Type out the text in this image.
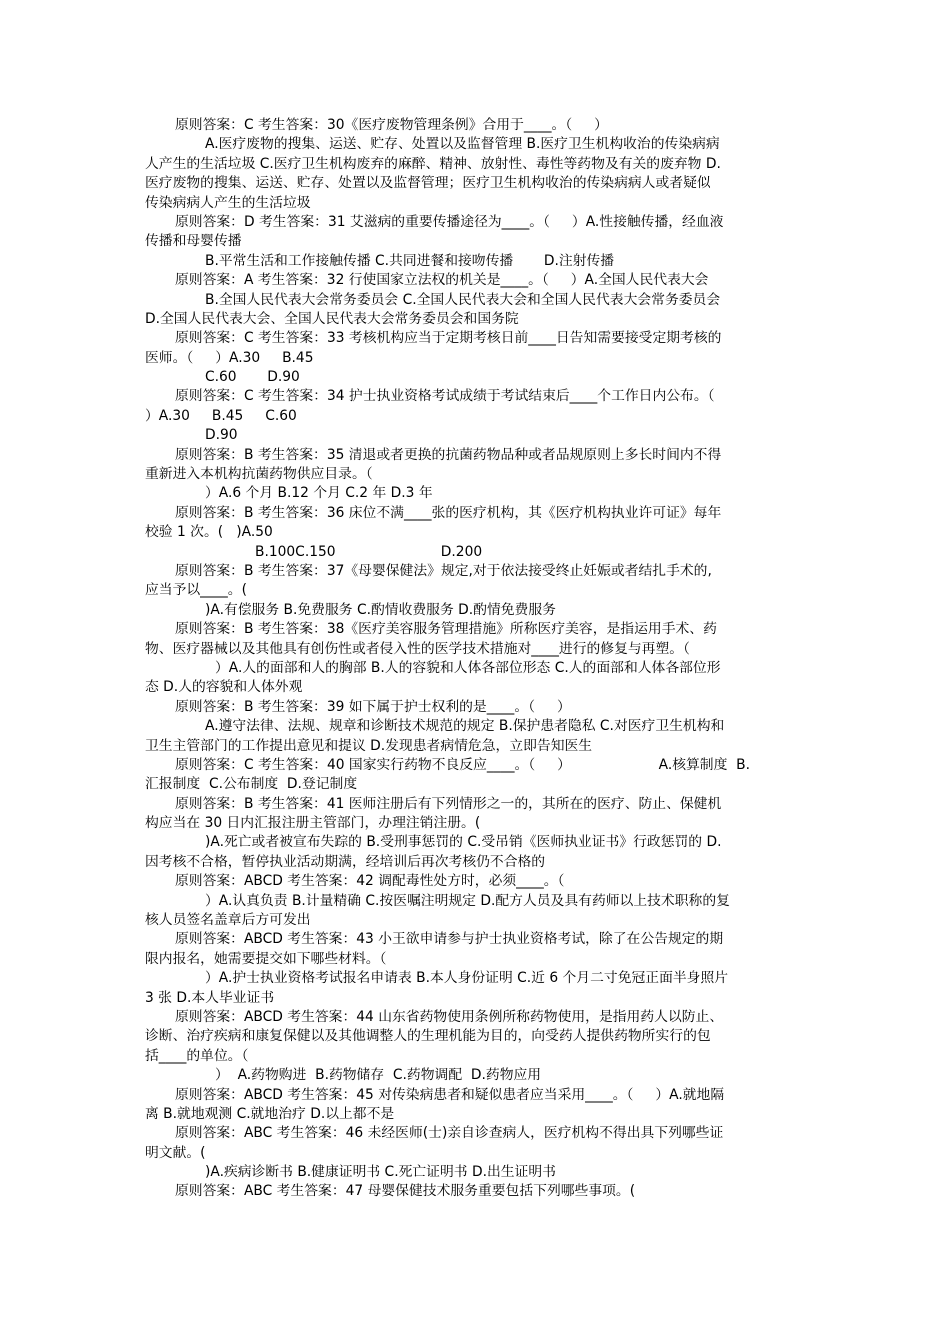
原则答案：C 考生答案：30《医疗废物管理条例》合用于____。（     ）
A.医疗废物的搜集、运送、贮存、处置以及监督管理 B.医疗卫生机构收治的传染病病
人产生的生活垃圾 C.医疗卫生机构废弃的麻醉、精神、放射性、毒性等药物及有关的废弃物 D.
医疗废物的搜集、运送、贮存、处置以及监督管理；医疗卫生机构收治的传染病病人或者疑似
传染病病人产生的生活垃圾
原则答案：D 考生答案：31 艾滋病的重要传播途径为____。（     ）A.性接触传播，经血液
传播和母婴传播
B.平常生活和工作接触传播 C.共同进餐和接吻传播       D.注射传播
原则答案：A 考生答案：32 行使国家立法权的机关是____。（     ）A.全国人民代表大会
B.全国人民代表大会常务委员会 C.全国人民代表大会和全国人民代表大会常务委员会
D.全国人民代表大会、全国人民代表大会常务委员会和国务院
原则答案：C 考生答案：33 考核机构应当于定期考核日前____日告知需要接受定期考核的
医师。（     ）A.30     B.45
C.60       D.90
原则答案：C 考生答案：34 护士执业资格考试成绩于考试结束后____个工作日内公布。（
）A.30     B.45     C.60
D.90
原则答案：B 考生答案：35 清退或者更换的抗菌药物品种或者品规原则上多长时间内不得
重新进入本机构抗菌药物供应目录。（
）A.6 个月 B.12 个月 C.2 年 D.3 年
原则答案：B 考生答案：36 床位不满____张的医疗机构，其《医疗机构执业许可证》每年
校验 1 次。(   )A.50
B.100C.150                        D.200
原则答案：B 考生答案：37《母婴保健法》规定,对于依法接受终止妊娠或者结扎手术的,
应当予以____。(
)A.有偿服务 B.免费服务 C.酌情收费服务 D.酌情免费服务
原则答案：B 考生答案：38《医疗美容服务管理措施》所称医疗美容，是指运用手术、药
物、医疗器械以及其他具有创伤性或者侵入性的医学技术措施对____进行的修复与再塑。（
）A.人的面部和人的胸部 B.人的容貌和人体各部位形态 C.人的面部和人体各部位形
态 D.人的容貌和人体外观
原则答案：B 考生答案：39 如下属于护士权利的是____。（     ）
A.遵守法律、法规、规章和诊断技术规范的规定 B.保护患者隐私 C.对医疗卫生机构和
卫生主管部门的工作提出意见和提议 D.发现患者病情危急，立即告知医生
原则答案：C 考生答案：40 国家实行药物不良反应____。（     ）                    A.核算制度  B.
汇报制度  C.公布制度  D.登记制度
原则答案：B 考生答案：41 医师注册后有下列情形之一的，其所在的医疗、防止、保健机
构应当在 30 日内汇报注册主管部门，办理注销注册。(
)A.死亡或者被宣布失踪的 B.受刑事惩罚的 C.受吊销《医师执业证书》行政惩罚的 D.
因考核不合格，暂停执业活动期满，经培训后再次考核仍不合格的
原则答案：ABCD 考生答案：42 调配毒性处方时，必须____。（
）A.认真负责 B.计量精确 C.按医嘱注明规定 D.配方人员及具有药师以上技术职称的复
核人员签名盖章后方可发出
原则答案：ABCD 考生答案：43 小王欲申请参与护士执业资格考试，除了在公告规定的期
限内报名，她需要提交如下哪些材料。（
）A.护士执业资格考试报名申请表 B.本人身份证明 C.近 6 个月二寸免冠正面半身照片
3 张 D.本人毕业证书
原则答案：ABCD 考生答案：44 山东省药物使用条例所称药物使用，是指用药人以防止、
诊断、治疗疾病和康复保健以及其他调整人的生理机能为目的，向受药人提供药物所实行的包
括____的单位。（
）  A.药物购进  B.药物储存  C.药物调配  D.药物应用
原则答案：ABCD 考生答案：45 对传染病患者和疑似患者应当采用____。（     ）A.就地隔
离 B.就地观测 C.就地治疗 D.以上都不是
原则答案：ABC 考生答案：46 未经医师(士)亲自诊查病人，医疗机构不得出具下列哪些证
明文献。(
)A.疾病诊断书 B.健康证明书 C.死亡证明书 D.出生证明书
原则答案：ABC 考生答案：47 母婴保健技术服务重要包括下列哪些事项。(
